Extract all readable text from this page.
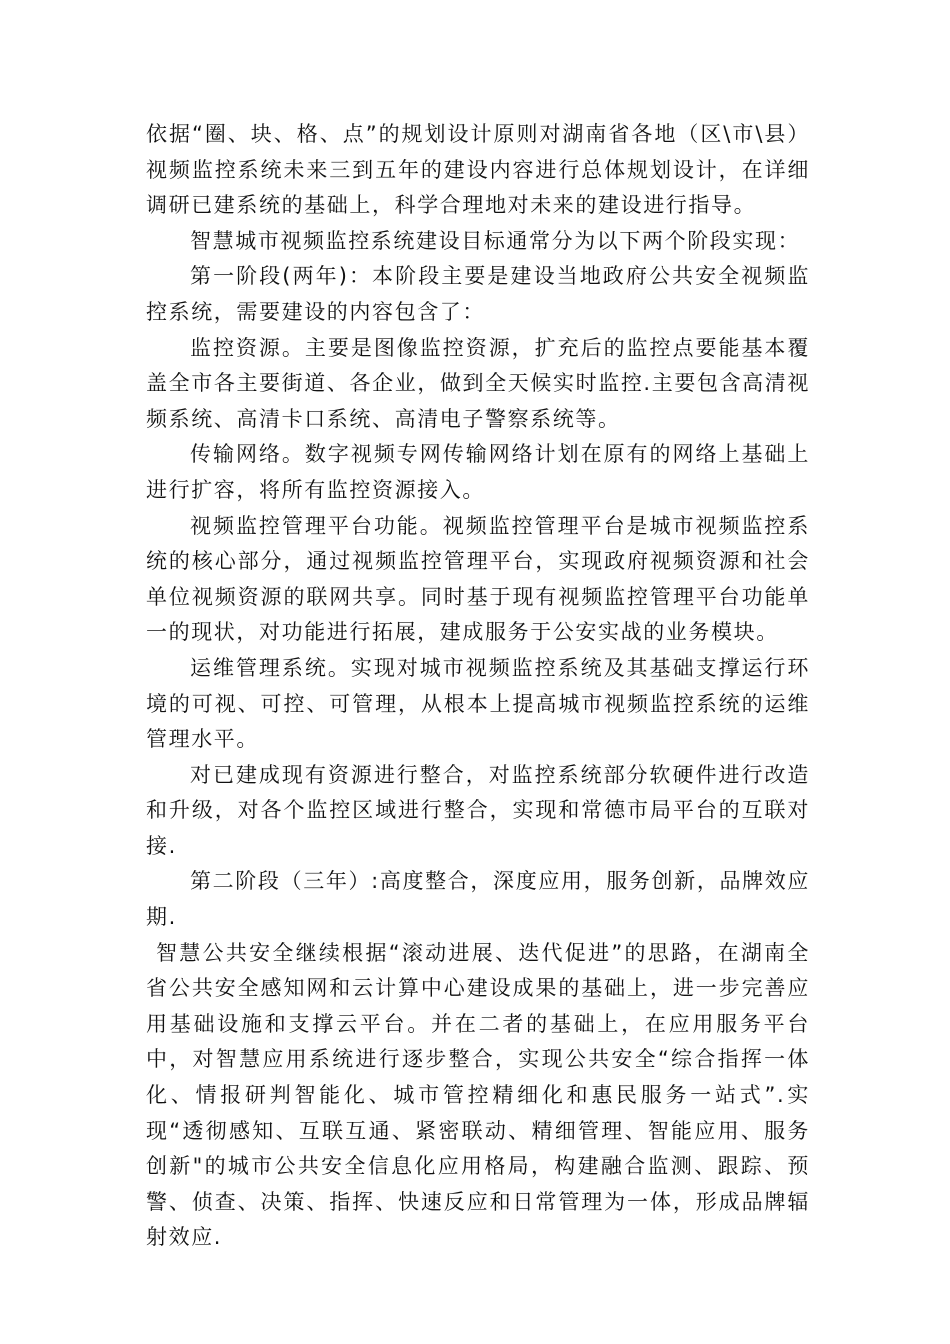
依据“圈、块、格、点”的规划设计原则对湖南省各地（区\市\县）视频监控系统未来三到五年的建设内容进行总体规划设计，在详细调研已建系统的基础上，科学合理地对未来的建设进行指导。

智慧城市视频监控系统建设目标通常分为以下两个阶段实现：

第一阶段(两年)：本阶段主要是建设当地政府公共安全视频监控系统，需要建设的内容包含了：

监控资源。主要是图像监控资源，扩充后的监控点要能基本覆盖全市各主要街道、各企业，做到全天候实时监控.主要包含高清视频系统、高清卡口系统、高清电子警察系统等。

传输网络。数字视频专网传输网络计划在原有的网络上基础上进行扩容，将所有监控资源接入。

视频监控管理平台功能。视频监控管理平台是城市视频监控系统的核心部分，通过视频监控管理平台，实现政府视频资源和社会单位视频资源的联网共享。同时基于现有视频监控管理平台功能单一的现状，对功能进行拓展，建成服务于公安实战的业务模块。

运维管理系统。实现对城市视频监控系统及其基础支撑运行环境的可视、可控、可管理，从根本上提高城市视频监控系统的运维管理水平。

对已建成现有资源进行整合，对监控系统部分软硬件进行改造和升级，对各个监控区域进行整合，实现和常德市局平台的互联对接.

第二阶段（三年）:高度整合，深度应用，服务创新，品牌效应期.

智慧公共安全继续根据“滚动进展、迭代促进”的思路，在湖南全省公共安全感知网和云计算中心建设成果的基础上，进一步完善应用基础设施和支撑云平台。并在二者的基础上，在应用服务平台中，对智慧应用系统进行逐步整合，实现公共安全“综合指挥一体化、情报研判智能化、城市管控精细化和惠民服务一站式”.实现“透彻感知、互联互通、紧密联动、精细管理、智能应用、服务创新"的城市公共安全信息化应用格局，构建融合监测、跟踪、预警、侦查、决策、指挥、快速反应和日常管理为一体，形成品牌辐射效应.
